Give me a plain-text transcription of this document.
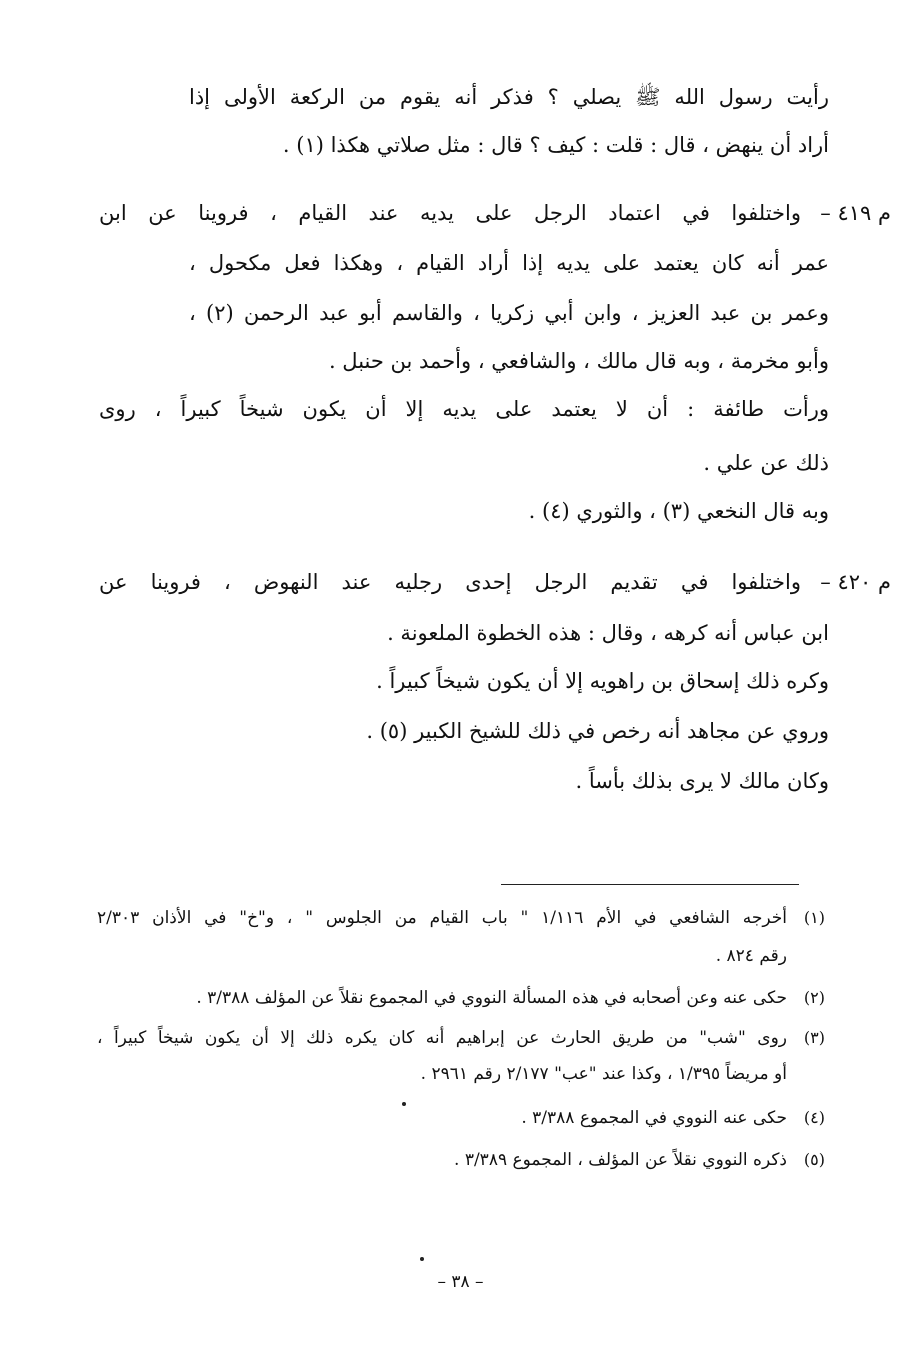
رأيت رسول الله ﷺ يصلي ؟ فذكر أنه يقوم من الركعة الأولى إذا
أراد أن ينهض ، قال : قلت : كيف ؟ قال : مثل صلاتي هكذا (١) .
م ٤١٩ –
واختلفوا في اعتماد الرجل على يديه عند القيام ، فروينا عن ابن
عمر أنه كان يعتمد على يديه إذا أراد القيام ، وهكذا فعل مكحول ،
وعمر بن عبد العزيز ، وابن أبي زكريا ، والقاسم أبو عبد الرحمن (٢) ،
وأبو مخرمة ، وبه قال مالك ، والشافعي ، وأحمد بن حنبل .
ورأت طائفة : أن لا يعتمد على يديه إلا أن يكون شيخاً كبيراً ، روى
ذلك عن علي .
وبه قال النخعي (٣) ، والثوري (٤) .
م ٤٢٠ –
واختلفوا في تقديم الرجل إحدى رجليه عند النهوض ، فروينا عن
ابن عباس أنه كرهه ، وقال : هذه الخطوة الملعونة .
وكره ذلك إسحاق بن راهويه إلا أن يكون شيخاً كبيراً .
وروي عن مجاهد أنه رخص في ذلك للشيخ الكبير (٥) .
وكان مالك لا يرى بذلك بأساً .
(١)
أخرجه الشافعي في الأم ١/١١٦ " باب القيام من الجلوس " ، و"خ" في الأذان ٢/٣٠٣
رقم ٨٢٤ .
(٢)
حكى عنه وعن أصحابه في هذه المسألة النووي في المجموع نقلاً عن المؤلف ٣/٣٨٨ .
(٣)
روى "شب" من طريق الحارث عن إبراهيم أنه كان يكره ذلك إلا أن يكون شيخاً كبيراً ،
أو مريضاً ١/٣٩٥ ، وكذا عند "عب" ٢/١٧٧ رقم ٢٩٦١ .
(٤)
حكى عنه النووي في المجموع ٣/٣٨٨ .
(٥)
ذكره النووي نقلاً عن المؤلف ، المجموع ٣/٣٨٩ .
– ٣٨ –
